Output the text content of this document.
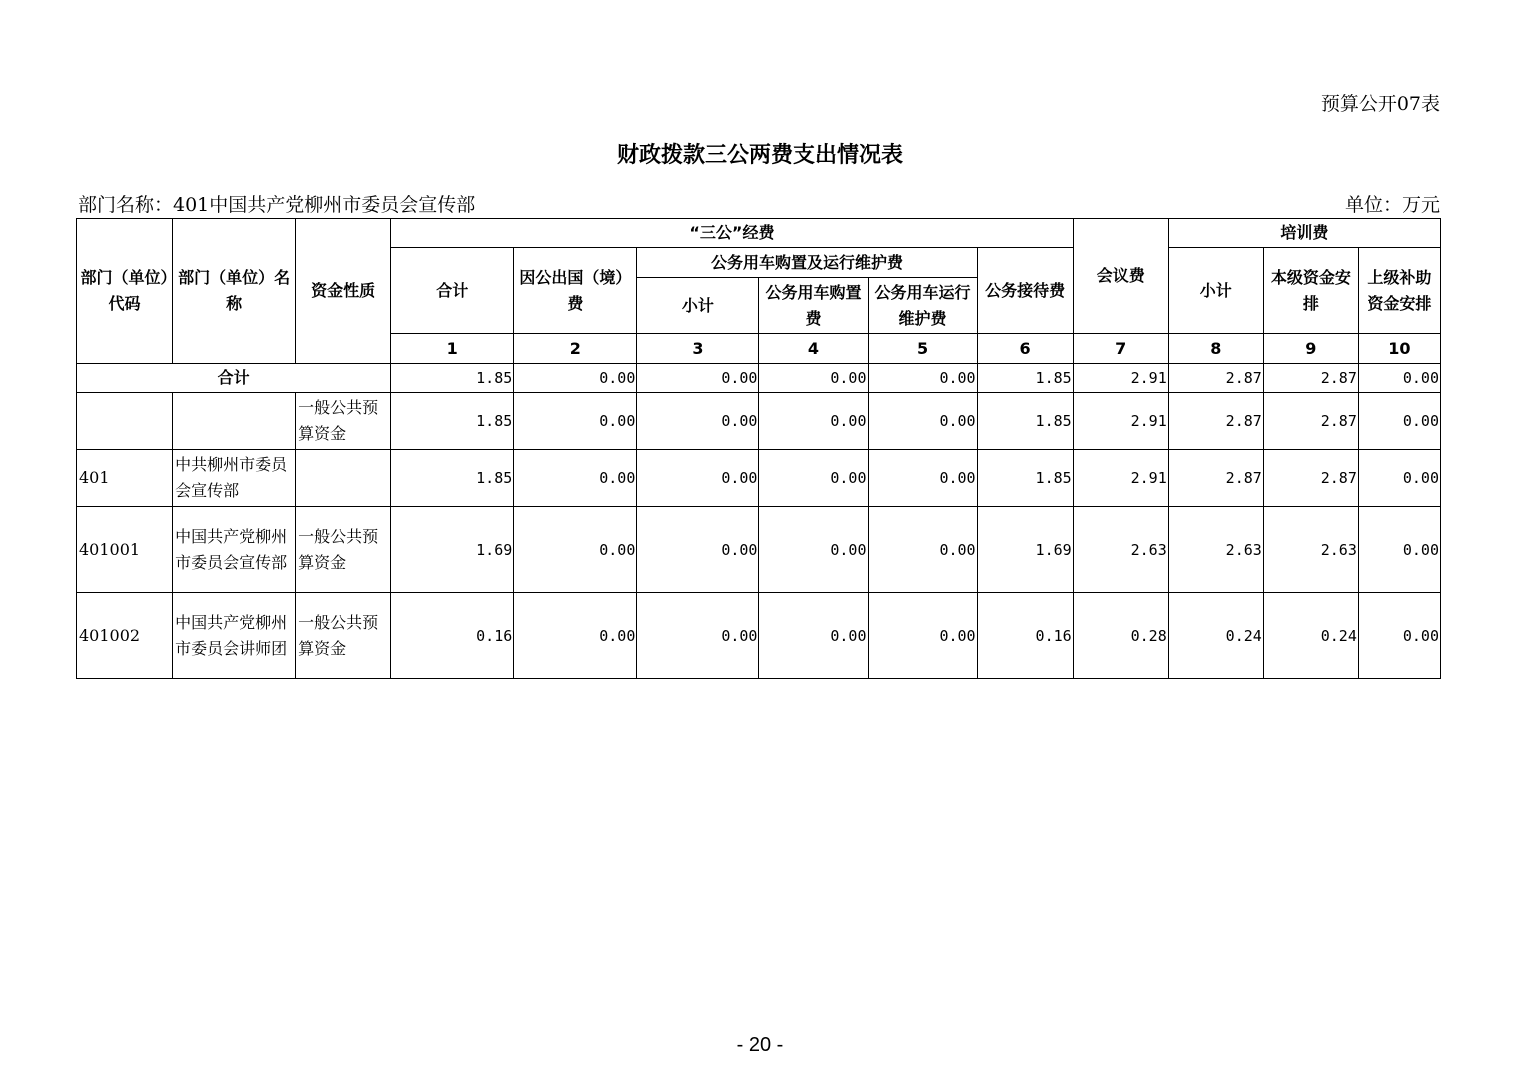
预算公开07表
财政拨款三公两费支出情况表
部门名称：401中国共产党柳州市委员会宣传部	单位：万元
部门（单位）代码	部门（单位）名称	资金性质	“三公”经费						会议费	培训费		
			合计	因公出国（境）费	公务用车购置及运行维护费			公务接待费		小计	本级资金安排	上级补助资金安排
					小计	公务用车购置费	公务用车运行维护费					
			1	2	3	4	5	6	7	8	9	10
合计			1.85	0.00	0.00	0.00	0.00	1.85	2.91	2.87	2.87	0.00
		一般公共预算资金	1.85	0.00	0.00	0.00	0.00	1.85	2.91	2.87	2.87	0.00
401	中共柳州市委员会宣传部		1.85	0.00	0.00	0.00	0.00	1.85	2.91	2.87	2.87	0.00
401001	中国共产党柳州市委员会宣传部	一般公共预算资金	1.69	0.00	0.00	0.00	0.00	1.69	2.63	2.63	2.63	0.00
401002	中国共产党柳州市委员会讲师团	一般公共预算资金	0.16	0.00	0.00	0.00	0.00	0.16	0.28	0.24	0.24	0.00
- 20 -
